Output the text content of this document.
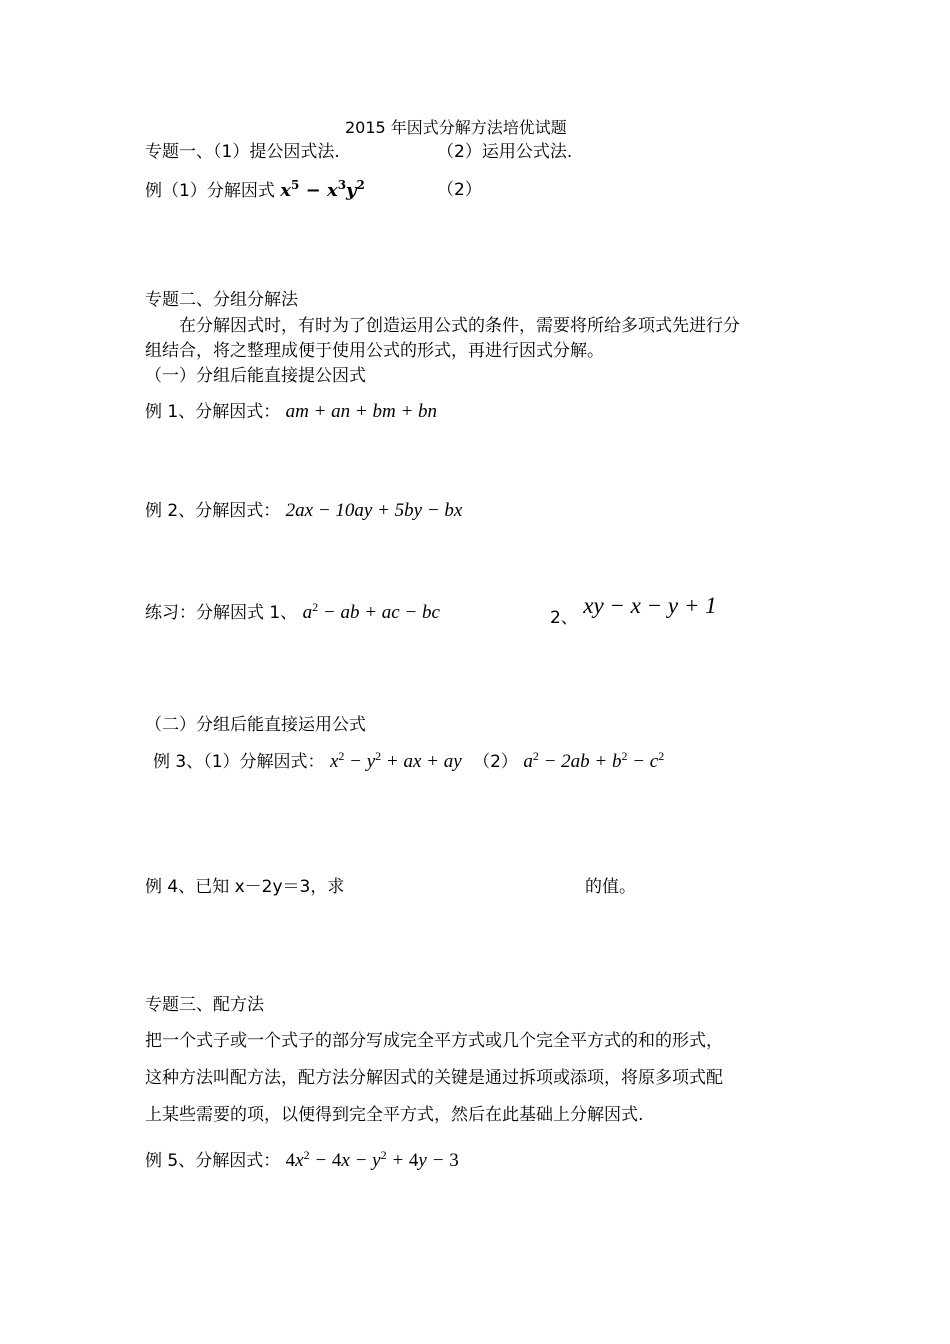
2015 年因式分解方法培优试题
专题一、（1）提公因式法.	（2）运用公式法.
例（1）分解因式 $x^5 - x^3y^2$	（2）
专题二、分组分解法
在分解因式时，有时为了创造运用公式的条件，需要将所给多项式先进行分
组结合，将之整理成便于使用公式的形式，再进行因式分解。
（一）分组后能直接提公因式
例 1、分解因式： am + an + bm + bn
例 2、分解因式： 2ax − 10ay + 5by − bx
练习：分解因式 1、 $a^2$ − ab + ac − bc	2、 xy − x − y + 1
（二）分组后能直接运用公式
例 3、（1）分解因式： $x^2 - y^2$ + ax + ay （2） $a^2 - 2ab + b^2 - c^2$
例 4、已知 x－2y＝3，求	的值。
专题三、配方法
把一个式子或一个式子的部分写成完全平方式或几个完全平方式的和的形式，
这种方法叫配方法，配方法分解因式的关键是通过拆项或添项，将原多项式配
上某些需要的项，以便得到完全平方式，然后在此基础上分解因式.
例 5、分解因式： $4x^2 - 4x - y^2 + 4y - 3$
